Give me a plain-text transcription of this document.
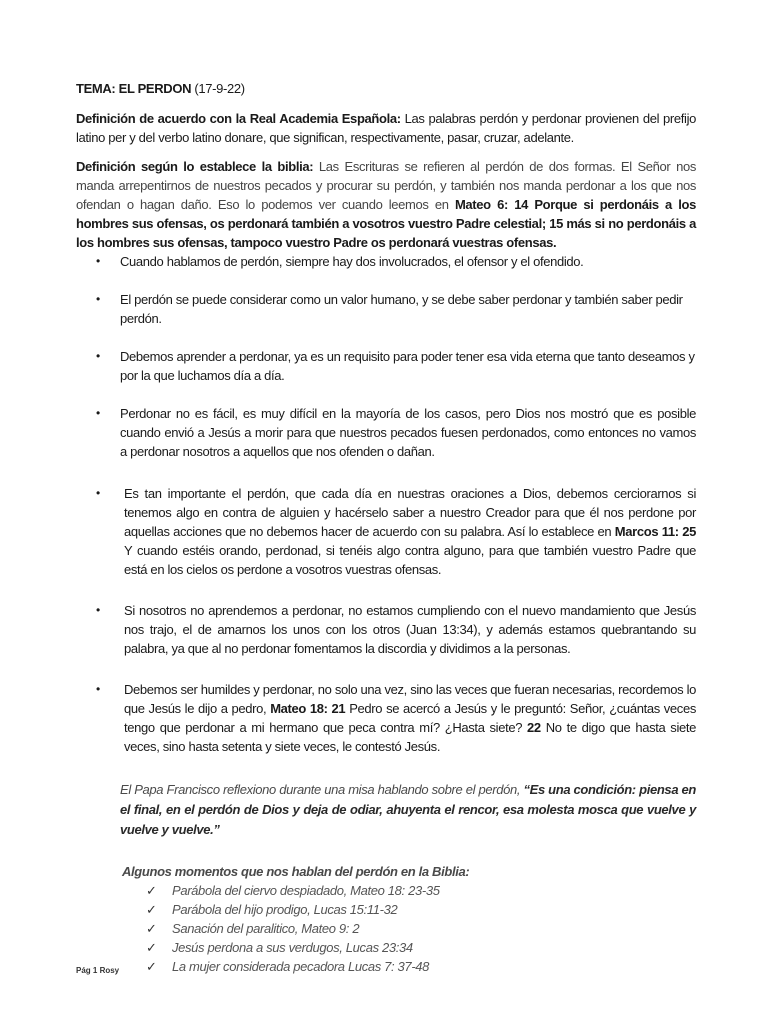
TEMA: EL PERDON (17-9-22)

Definición de acuerdo con la Real Academia Española: Las palabras perdón y perdonar provienen del prefijo latino per y del verbo latino donare, que significan, respectivamente, pasar, cruzar, adelante.

Definición según lo establece la biblia: Las Escrituras se refieren al perdón de dos formas. El Señor nos manda arrepentirnos de nuestros pecados y procurar su perdón, y también nos manda perdonar a los que nos ofendan o hagan daño. Eso lo podemos ver cuando leemos en Mateo 6: 14 Porque si perdonáis a los hombres sus ofensas, os perdonará también a vosotros vuestro Padre celestial; 15 más si no perdonáis a los hombres sus ofensas, tampoco vuestro Padre os perdonará vuestras ofensas.

• Cuando hablamos de perdón, siempre hay dos involucrados, el ofensor y el ofendido.
• El perdón se puede considerar como un valor humano, y se debe saber perdonar y también saber pedir perdón.
• Debemos aprender a perdonar, ya es un requisito para poder tener esa vida eterna que tanto deseamos y por la que luchamos día a día.
• Perdonar no es fácil, es muy difícil en la mayoría de los casos, pero Dios nos mostró que es posible cuando envió a Jesús a morir para que nuestros pecados fuesen perdonados, como entonces no vamos a perdonar nosotros a aquellos que nos ofenden o dañan.
• Es tan importante el perdón, que cada día en nuestras oraciones a Dios, debemos cerciorarnos si tenemos algo en contra de alguien y hacérselo saber a nuestro Creador para que él nos perdone por aquellas acciones que no debemos hacer de acuerdo con su palabra. Así lo establece en Marcos 11: 25 Y cuando estéis orando, perdonad, si tenéis algo contra alguno, para que también vuestro Padre que está en los cielos os perdone a vosotros vuestras ofensas.
• Si nosotros no aprendemos a perdonar, no estamos cumpliendo con el nuevo mandamiento que Jesús nos trajo, el de amarnos los unos con los otros (Juan 13:34), y además estamos quebrantando su palabra, ya que al no perdonar fomentamos la discordia y dividimos a la personas.
• Debemos ser humildes y perdonar, no solo una vez, sino las veces que fueran necesarias, recordemos lo que Jesús le dijo a pedro, Mateo 18: 21 Pedro se acercó a Jesús y le preguntó: Señor, ¿cuántas veces tengo que perdonar a mi hermano que peca contra mí? ¿Hasta siete? 22 No te digo que hasta siete veces, sino hasta setenta y siete veces, le contestó Jesús.

El Papa Francisco reflexiono durante una misa hablando sobre el perdón, “Es una condición: piensa en el final, en el perdón de Dios y deja de odiar, ahuyenta el rencor, esa molesta mosca que vuelve y vuelve y vuelve.”

Algunos momentos que nos hablan del perdón en la Biblia:

✓ Parábola del ciervo despiadado, Mateo 18: 23-35
✓ Parábola del hijo prodigo, Lucas 15:11-32
✓ Sanación del paralitico, Mateo 9: 2
✓ Jesús perdona a sus verdugos, Lucas 23:34
✓ La mujer considerada pecadora Lucas 7: 37-48
Pág 1 Rosy
